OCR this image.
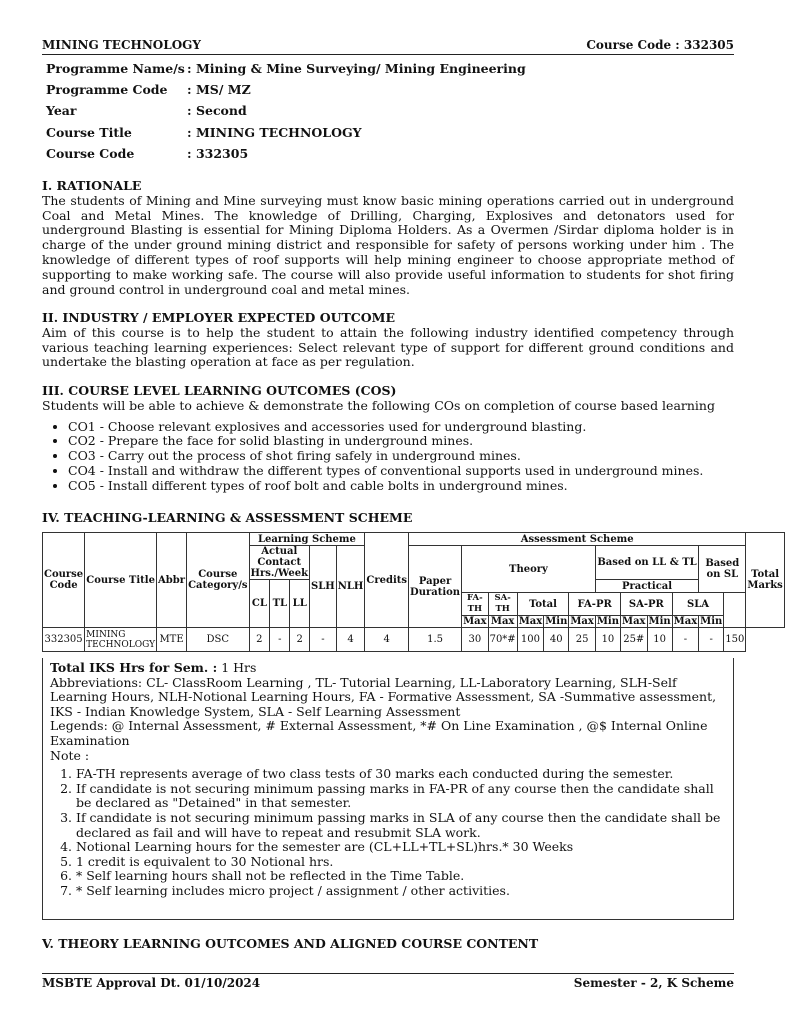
MINING TECHNOLOGY	Course Code : 332305
Programme Name/s	: Mining & Mine Surveying/ Mining Engineering
Programme Code	: MS/ MZ
Year	: Second
Course Title	: MINING TECHNOLOGY
Course Code	: 332305
I. RATIONALE

The students of Mining and Mine surveying must know basic mining operations carried out in underground Coal and Metal Mines. The knowledge of Drilling, Charging, Explosives and detonators used for underground Blasting is essential for Mining Diploma Holders. As a Overmen /Sirdar diploma holder is in charge of the under ground mining district and responsible for safety of persons working under him . The knowledge of different types of roof supports will help mining engineer to choose appropriate method of supporting to make working safe. The course will also provide useful information to students for shot firing and ground control in underground coal and metal mines.

II. INDUSTRY / EMPLOYER EXPECTED OUTCOME

Aim of this course is to help the student to attain the following industry identified competency through various teaching learning experiences: Select relevant type of support for different ground conditions and undertake the blasting operation at face as per regulation.

III. COURSE LEVEL LEARNING OUTCOMES (COS)

Students will be able to achieve & demonstrate the following COs on completion of course based learning

• CO1 - Choose relevant explosives and accessories used for underground blasting.
• CO2 - Prepare the face for solid blasting in underground mines.
• CO3 - Carry out the process of shot firing safely in underground mines.
• CO4 - Install and withdraw the different types of conventional supports used in underground mines.
• CO5 - Install different types of roof bolt and cable bolts in underground mines.
IV. TEACHING-LEARNING & ASSESSMENT SCHEME
Course Code	Course Title	Abbr	Course Category/s	Learning Scheme					Credits	Assessment Scheme												Total Marks
				Actual Contact Hrs./Week			SLH	NLH		Paper Duration	Theory					Based on LL & TL				Based on SL		
				CL	TL	LL										Practical						
											FA-TH	SA-TH	Total		FA-PR		SA-PR		SLA			
											Max	Max	Max	Min	Max	Min	Max	Min	Max	Min		
332305	MINING TECHNOLOGY	MTE	DSC	2	-	2	-	4	4	1.5	30	70*#	100	40	25	10	25#	10	-	-	150	
Total IKS Hrs for Sem. : 1 Hrs
Abbreviations: CL- ClassRoom Learning , TL- Tutorial Learning, LL-Laboratory Learning, SLH-Self Learning Hours, NLH-Notional Learning Hours, FA - Formative Assessment, SA -Summative assessment, IKS - Indian Knowledge System, SLA - Self Learning Assessment
Legends: @ Internal Assessment, # External Assessment, *# On Line Examination , @$ Internal Online Examination
Note :
1. FA-TH represents average of two class tests of 30 marks each conducted during the semester.
2. If candidate is not securing minimum passing marks in FA-PR of any course then the candidate shall be declared as "Detained" in that semester.
3. If candidate is not securing minimum passing marks in SLA of any course then the candidate shall be declared as fail and will have to repeat and resubmit SLA work.
4. Notional Learning hours for the semester are (CL+LL+TL+SL)hrs.* 30 Weeks
5. 1 credit is equivalent to 30 Notional hrs.
6. * Self learning hours shall not be reflected in the Time Table.
7. * Self learning includes micro project / assignment / other activities.
V. THEORY LEARNING OUTCOMES AND ALIGNED COURSE CONTENT
MSBTE Approval Dt. 01/10/2024	Semester - 2, K Scheme
